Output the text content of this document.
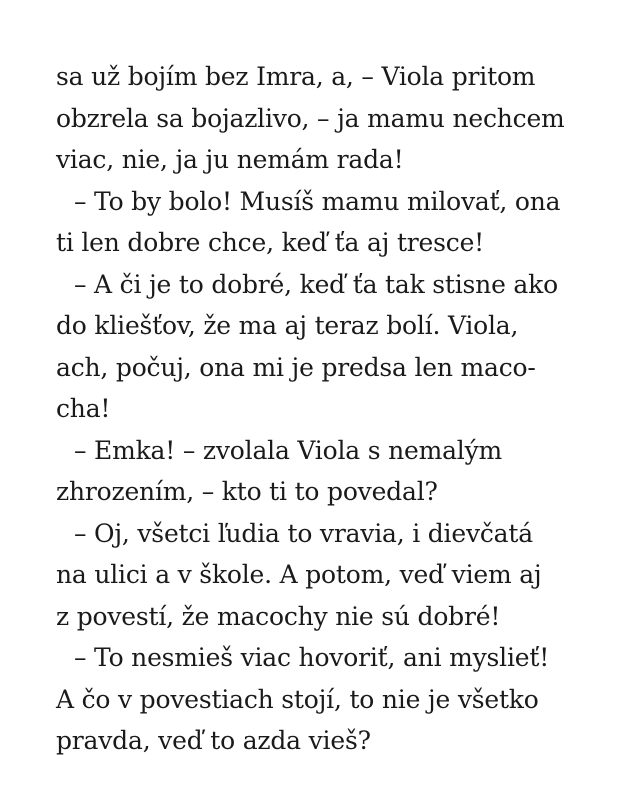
sa už bojím bez Imra, a, – Viola pritom
obzrela sa bojazlivo, – ja mamu nechcem
viac, nie, ja ju nemám rada!
– To by bolo! Musíš mamu milovať, ona
ti len dobre chce, keď ťa aj tresce!
– A či je to dobré, keď ťa tak stisne ako
do kliešťov, že ma aj teraz bolí. Viola,
ach, počuj, ona mi je predsa len maco-
cha!
– Emka! – zvolala Viola s nemalým
zhrozením, – kto ti to povedal?
– Oj, všetci ľudia to vravia, i dievčatá
na ulici a v škole. A potom, veď viem aj
z povestí, že macochy nie sú dobré!
– To nesmieš viac hovoriť, ani myslieť!
A čo v povestiach stojí, to nie je všetko
pravda, veď to azda vieš?
